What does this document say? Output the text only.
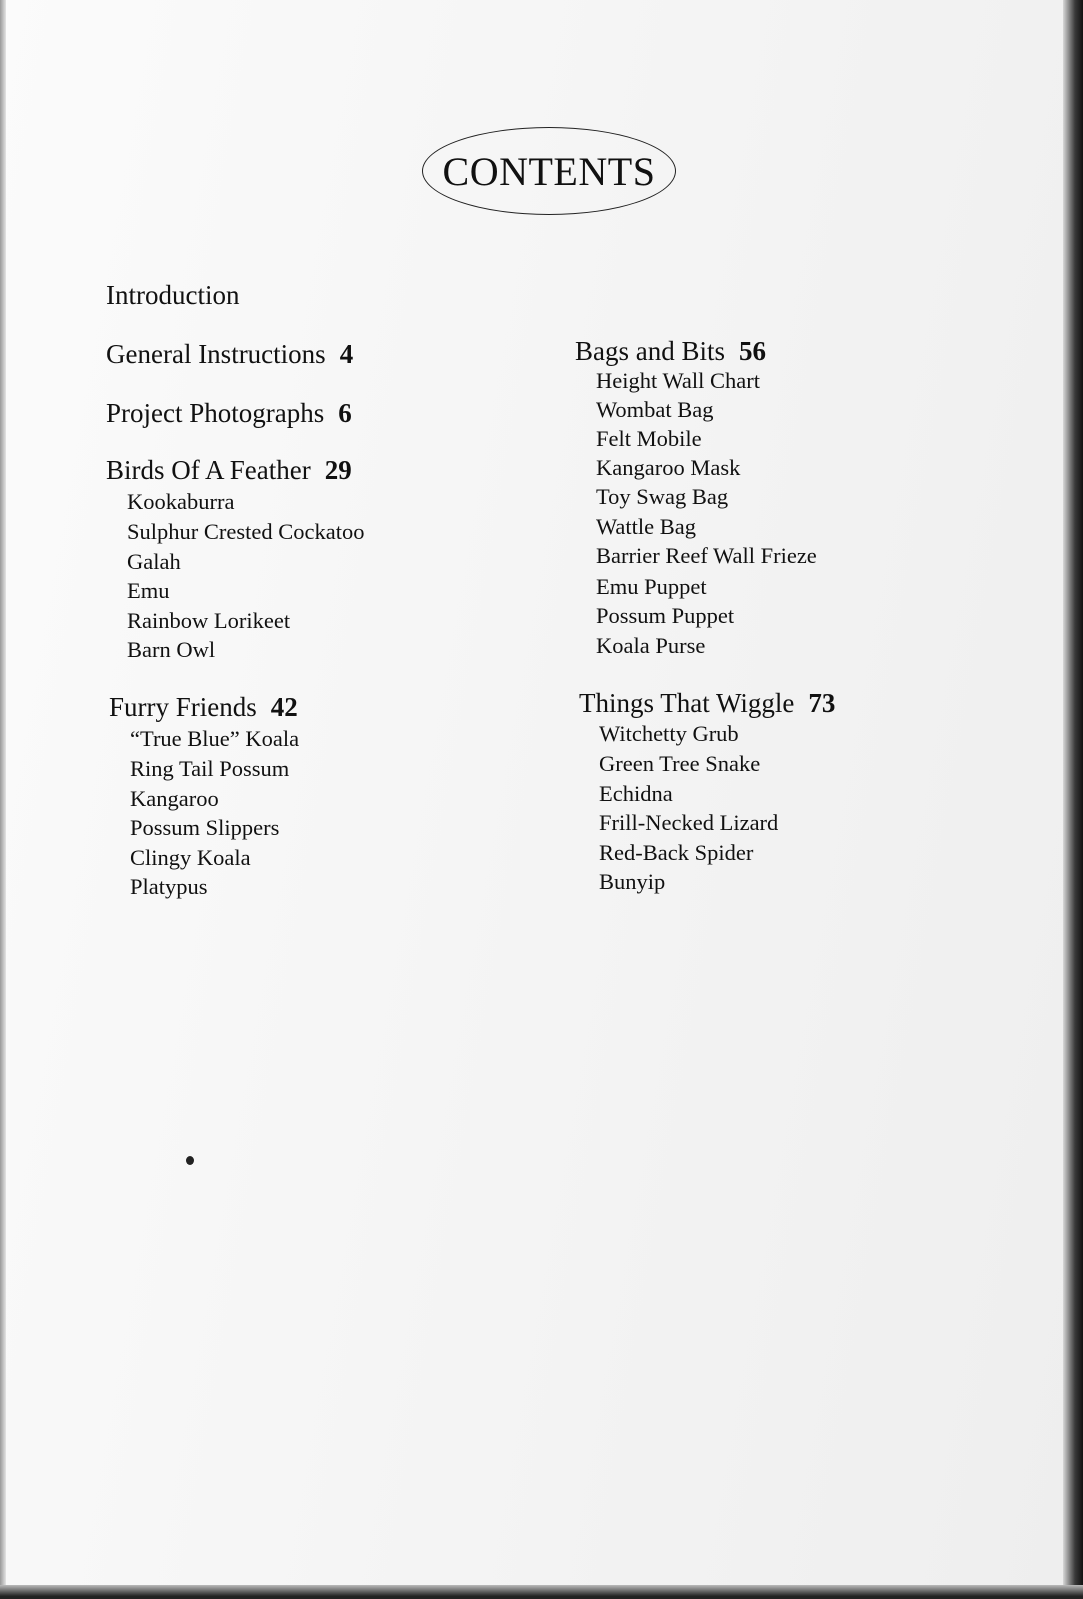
CONTENTS
Introduction
General Instructions 4
Project Photographs 6
Birds Of A Feather 29
Kookaburra
Sulphur Crested Cockatoo
Galah
Emu
Rainbow Lorikeet
Barn Owl
Furry Friends 42
“True Blue” Koala
Ring Tail Possum
Kangaroo
Possum Slippers
Clingy Koala
Platypus
Bags and Bits 56
Height Wall Chart
Wombat Bag
Felt Mobile
Kangaroo Mask
Toy Swag Bag
Wattle Bag
Barrier Reef Wall Frieze
Emu Puppet
Possum Puppet
Koala Purse
Things That Wiggle 73
Witchetty Grub
Green Tree Snake
Echidna
Frill-Necked Lizard
Red-Back Spider
Bunyip
